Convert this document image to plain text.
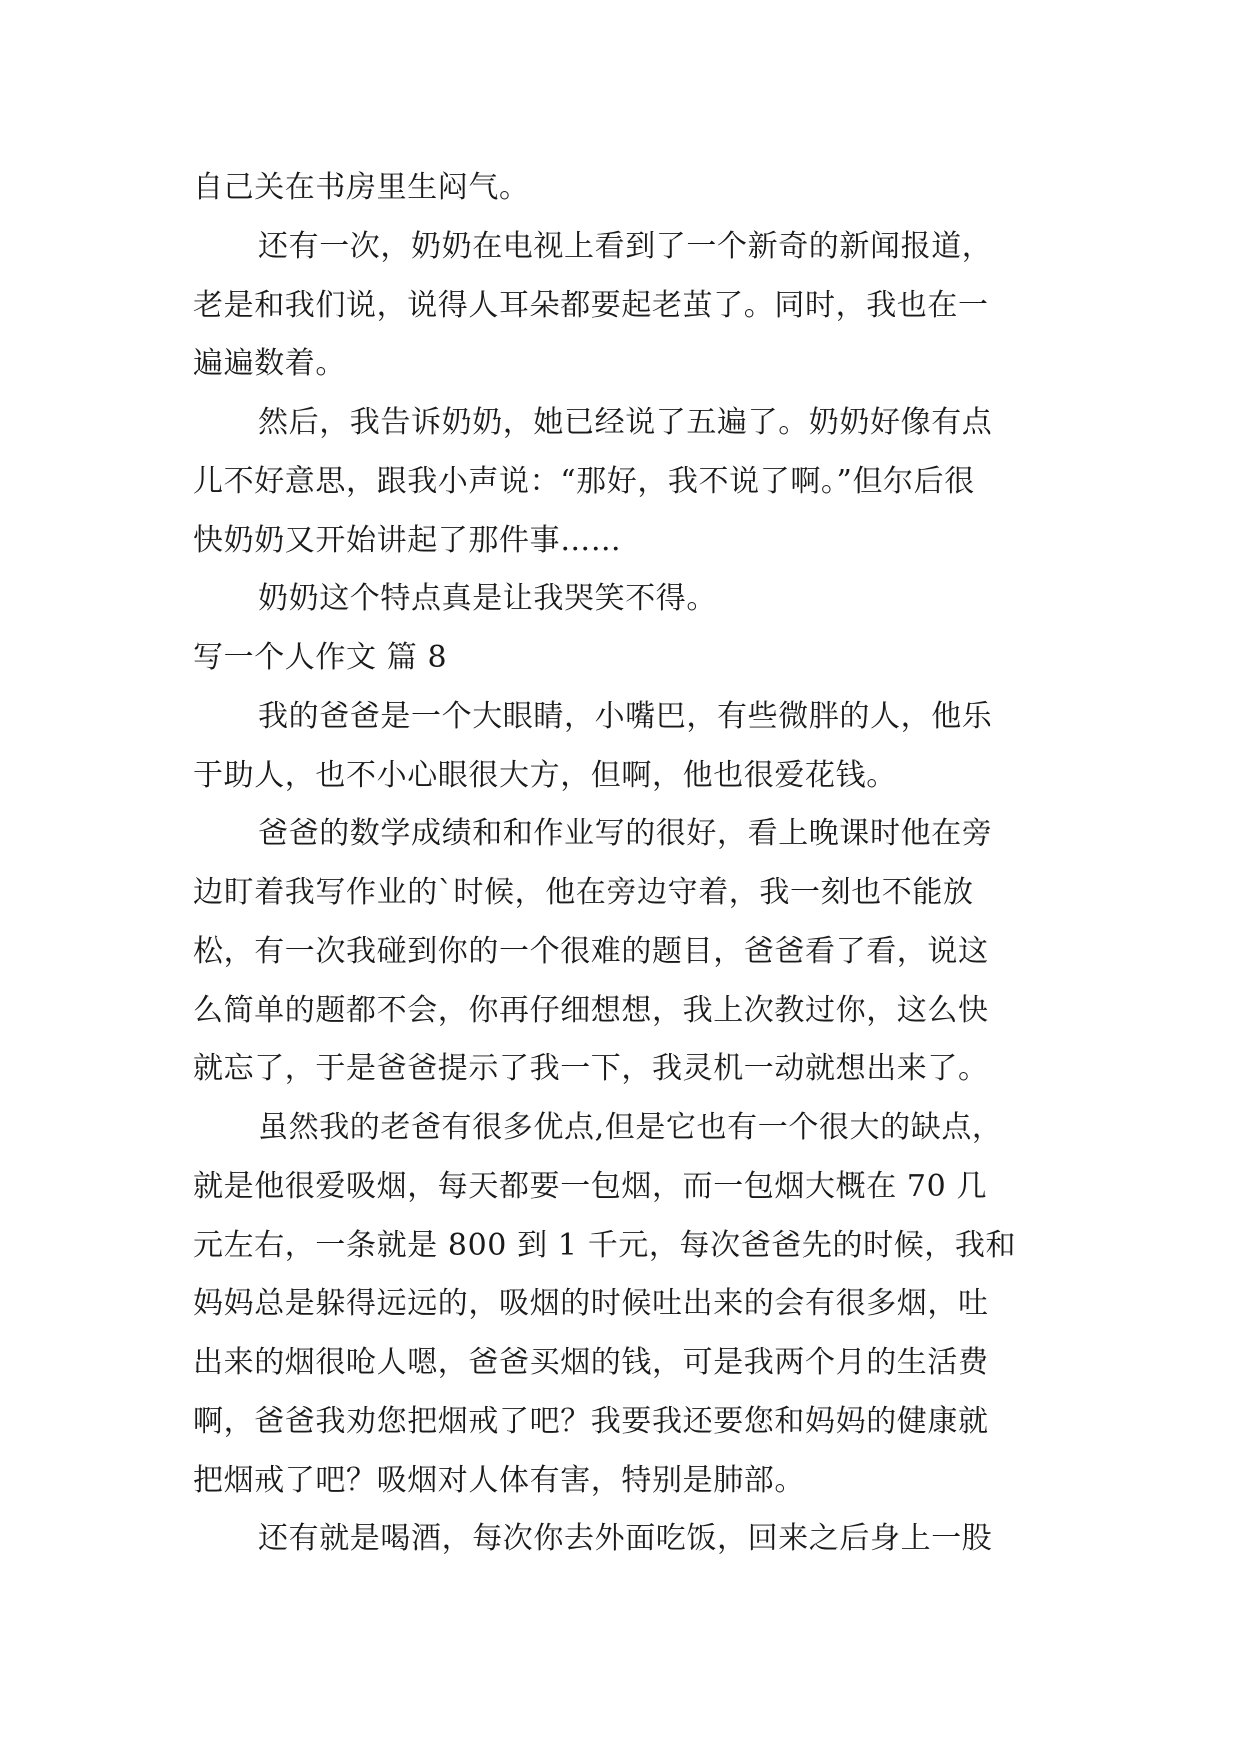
自己关在书房里生闷气。
还有一次，奶奶在电视上看到了一个新奇的新闻报道，
老是和我们说，说得人耳朵都要起老茧了。同时，我也在一
遍遍数着。
然后，我告诉奶奶，她已经说了五遍了。奶奶好像有点
儿不好意思，跟我小声说：“那好，我不说了啊。”但尔后很
快奶奶又开始讲起了那件事……
奶奶这个特点真是让我哭笑不得。
写一个人作文 篇 8
我的爸爸是一个大眼睛，小嘴巴，有些微胖的人，他乐
于助人，也不小心眼很大方，但啊，他也很爱花钱。
爸爸的数学成绩和和作业写的很好，看上晚课时他在旁
边盯着我写作业的`时候，他在旁边守着，我一刻也不能放
松，有一次我碰到你的一个很难的题目，爸爸看了看，说这
么简单的题都不会，你再仔细想想，我上次教过你，这么快
就忘了，于是爸爸提示了我一下，我灵机一动就想出来了。
虽然我的老爸有很多优点,但是它也有一个很大的缺点，
就是他很爱吸烟，每天都要一包烟，而一包烟大概在 70 几
元左右，一条就是 800 到 1 千元，每次爸爸先的时候，我和
妈妈总是躲得远远的，吸烟的时候吐出来的会有很多烟，吐
出来的烟很呛人嗯，爸爸买烟的钱，可是我两个月的生活费
啊，爸爸我劝您把烟戒了吧？我要我还要您和妈妈的健康就
把烟戒了吧？吸烟对人体有害，特别是肺部。
还有就是喝酒，每次你去外面吃饭，回来之后身上一股
